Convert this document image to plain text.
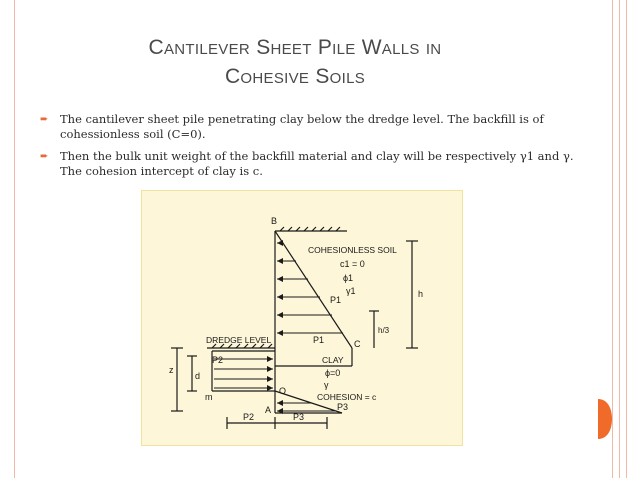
Cantilever Sheet Pile Walls in
Cohesive Soils
➨ The cantilever sheet pile penetrating clay below the dredge level. The backfill is of cohessionless soil (C=0).
➨ Then the bulk unit weight of the backfill material and clay will be respectively γ1 and γ. The cohesion intercept of clay is c.
B
COHESIONLESS SOIL
c1 = 0
ϕ1
γ1	h
P1
P1
h/3
C
DREDGE LEVEL
P2	CLAY
ϕ=0
γ
COHESION = c
z
d
m
O
P3
A
P2	P3
